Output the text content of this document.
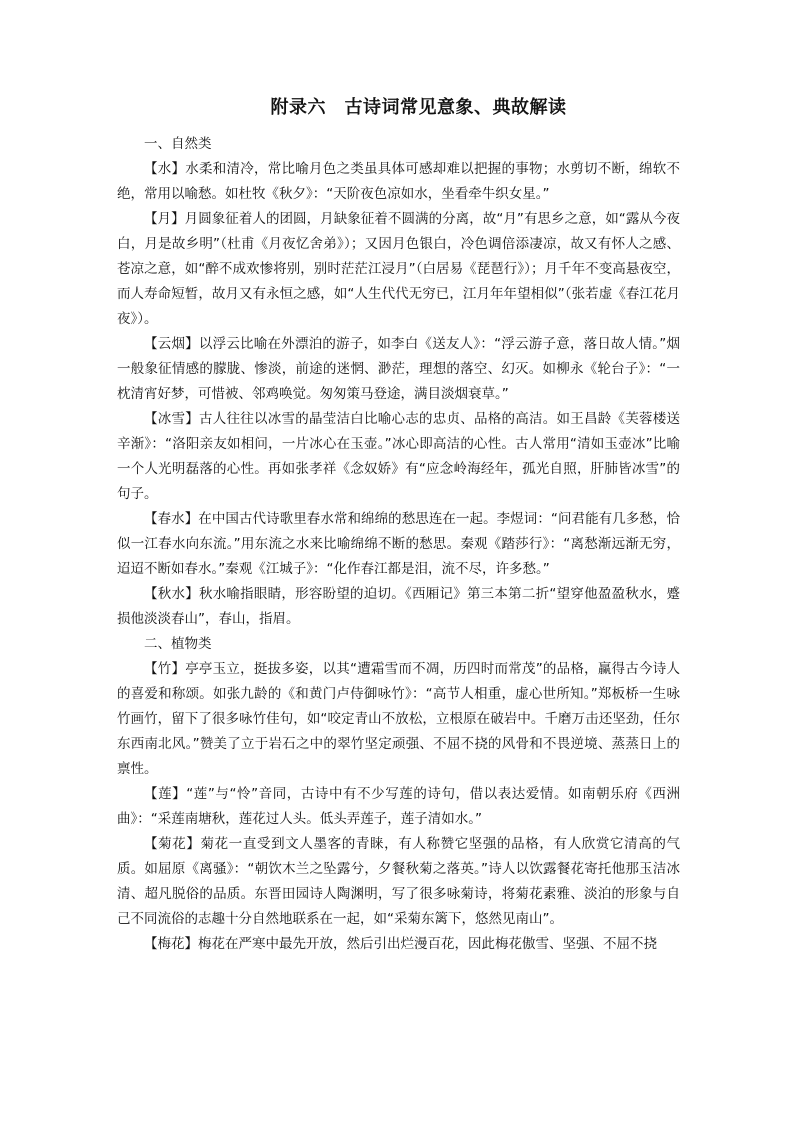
附录六　古诗词常见意象、典故解读

一、自然类

【水】水柔和清冷，常比喻月色之类虽具体可感却难以把握的事物；水剪切不断，绵软不绝，常用以喻愁。如杜牧《秋夕》：“天阶夜色凉如水，坐看牵牛织女星。”

【月】月圆象征着人的团圆，月缺象征着不圆满的分离，故“月”有思乡之意，如“露从今夜白，月是故乡明”（杜甫《月夜忆舍弟》）；又因月色银白，冷色调倍添凄凉，故又有怀人之感、苍凉之意，如“醉不成欢惨将别，别时茫茫江浸月”（白居易《琵琶行》）；月千年不变高悬夜空，而人寿命短暂，故月又有永恒之感，如“人生代代无穷已，江月年年望相似”（张若虚《春江花月夜》）。

【云烟】以浮云比喻在外漂泊的游子，如李白《送友人》：“浮云游子意，落日故人情。”烟一般象征情感的朦胧、惨淡，前途的迷惘、渺茫，理想的落空、幻灭。如柳永《轮台子》：“一枕清宵好梦，可惜被、邻鸡唤觉。匆匆策马登途，满目淡烟衰草。”

【冰雪】古人往往以冰雪的晶莹洁白比喻心志的忠贞、品格的高洁。如王昌龄《芙蓉楼送辛渐》：“洛阳亲友如相问，一片冰心在玉壶。”冰心即高洁的心性。古人常用“清如玉壶冰”比喻一个人光明磊落的心性。再如张孝祥《念奴娇》有“应念岭海经年，孤光自照，肝肺皆冰雪”的句子。

【春水】在中国古代诗歌里春水常和绵绵的愁思连在一起。李煜词：“问君能有几多愁，恰似一江春水向东流。”用东流之水来比喻绵绵不断的愁思。秦观《踏莎行》：“离愁渐远渐无穷，迢迢不断如春水。”秦观《江城子》：“化作春江都是泪，流不尽，许多愁。”

【秋水】秋水喻指眼睛，形容盼望的迫切。《西厢记》第三本第二折“望穿他盈盈秋水，蹙损他淡淡春山”，春山，指眉。

二、植物类

【竹】亭亭玉立，挺拔多姿，以其“遭霜雪而不凋，历四时而常茂”的品格，赢得古今诗人的喜爱和称颂。如张九龄的《和黄门卢侍御咏竹》：“高节人相重，虚心世所知。”郑板桥一生咏竹画竹，留下了很多咏竹佳句，如“咬定青山不放松，立根原在破岩中。千磨万击还坚劲，任尔东西南北风。”赞美了立于岩石之中的翠竹坚定顽强、不屈不挠的风骨和不畏逆境、蒸蒸日上的禀性。

【莲】“莲”与“怜”音同，古诗中有不少写莲的诗句，借以表达爱情。如南朝乐府《西洲曲》：“采莲南塘秋，莲花过人头。低头弄莲子，莲子清如水。”

【菊花】菊花一直受到文人墨客的青睐，有人称赞它坚强的品格，有人欣赏它清高的气质。如屈原《离骚》：“朝饮木兰之坠露兮，夕餐秋菊之落英。”诗人以饮露餐花寄托他那玉洁冰清、超凡脱俗的品质。东晋田园诗人陶渊明，写了很多咏菊诗，将菊花素雅、淡泊的形象与自己不同流俗的志趣十分自然地联系在一起，如“采菊东篱下，悠然见南山”。

【梅花】梅花在严寒中最先开放，然后引出烂漫百花，因此梅花傲雪、坚强、不屈不挠
